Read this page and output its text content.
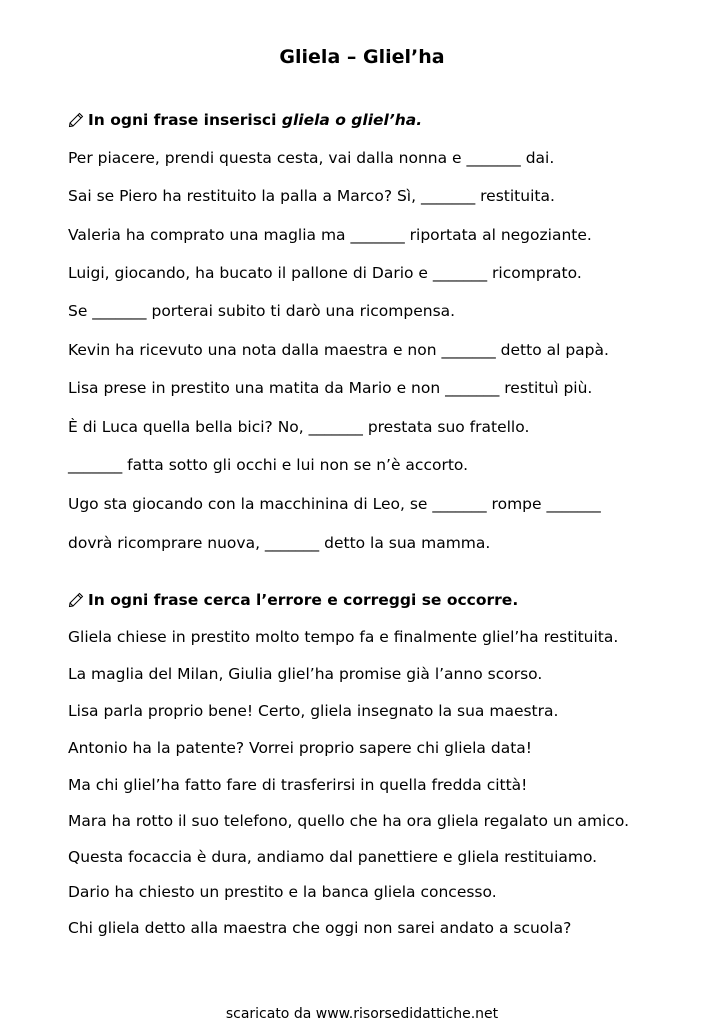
Gliela – Gliel’ha
In ogni frase inserisci gliela o gliel’ha.
Per piacere, prendi questa cesta, vai dalla nonna e _______ dai.
Sai se Piero ha restituito la palla a Marco? Sì, _______ restituita.
Valeria ha comprato una maglia ma _______ riportata al negoziante.
Luigi, giocando, ha bucato il pallone di Dario e _______ ricomprato.
Se _______ porterai subito ti darò una ricompensa.
Kevin ha ricevuto una nota dalla maestra e non _______ detto al papà.
Lisa prese in prestito una matita da Mario e non _______ restituì più.
È di Luca quella bella bici? No, _______ prestata suo fratello.
_______ fatta sotto gli occhi e lui non se n’è accorto.
Ugo sta giocando con la macchinina di Leo, se _______ rompe _______
dovrà ricomprare nuova, _______ detto la sua mamma.
In ogni frase cerca l’errore e correggi se occorre.
Gliela chiese in prestito molto tempo fa e finalmente gliel’ha restituita.
La maglia del Milan, Giulia gliel’ha promise già l’anno scorso.
Lisa parla proprio bene! Certo, gliela insegnato la sua maestra.
Antonio ha la patente? Vorrei proprio sapere chi gliela data!
Ma chi gliel’ha fatto fare di trasferirsi in quella fredda città!
Mara ha rotto il suo telefono, quello che ha ora gliela regalato un amico.
Questa focaccia è dura, andiamo dal panettiere e gliela restituiamo.
Dario ha chiesto un prestito e la banca gliela concesso.
Chi gliela detto alla maestra che oggi non sarei andato a scuola?
scaricato da www.risorsedidattiche.net
